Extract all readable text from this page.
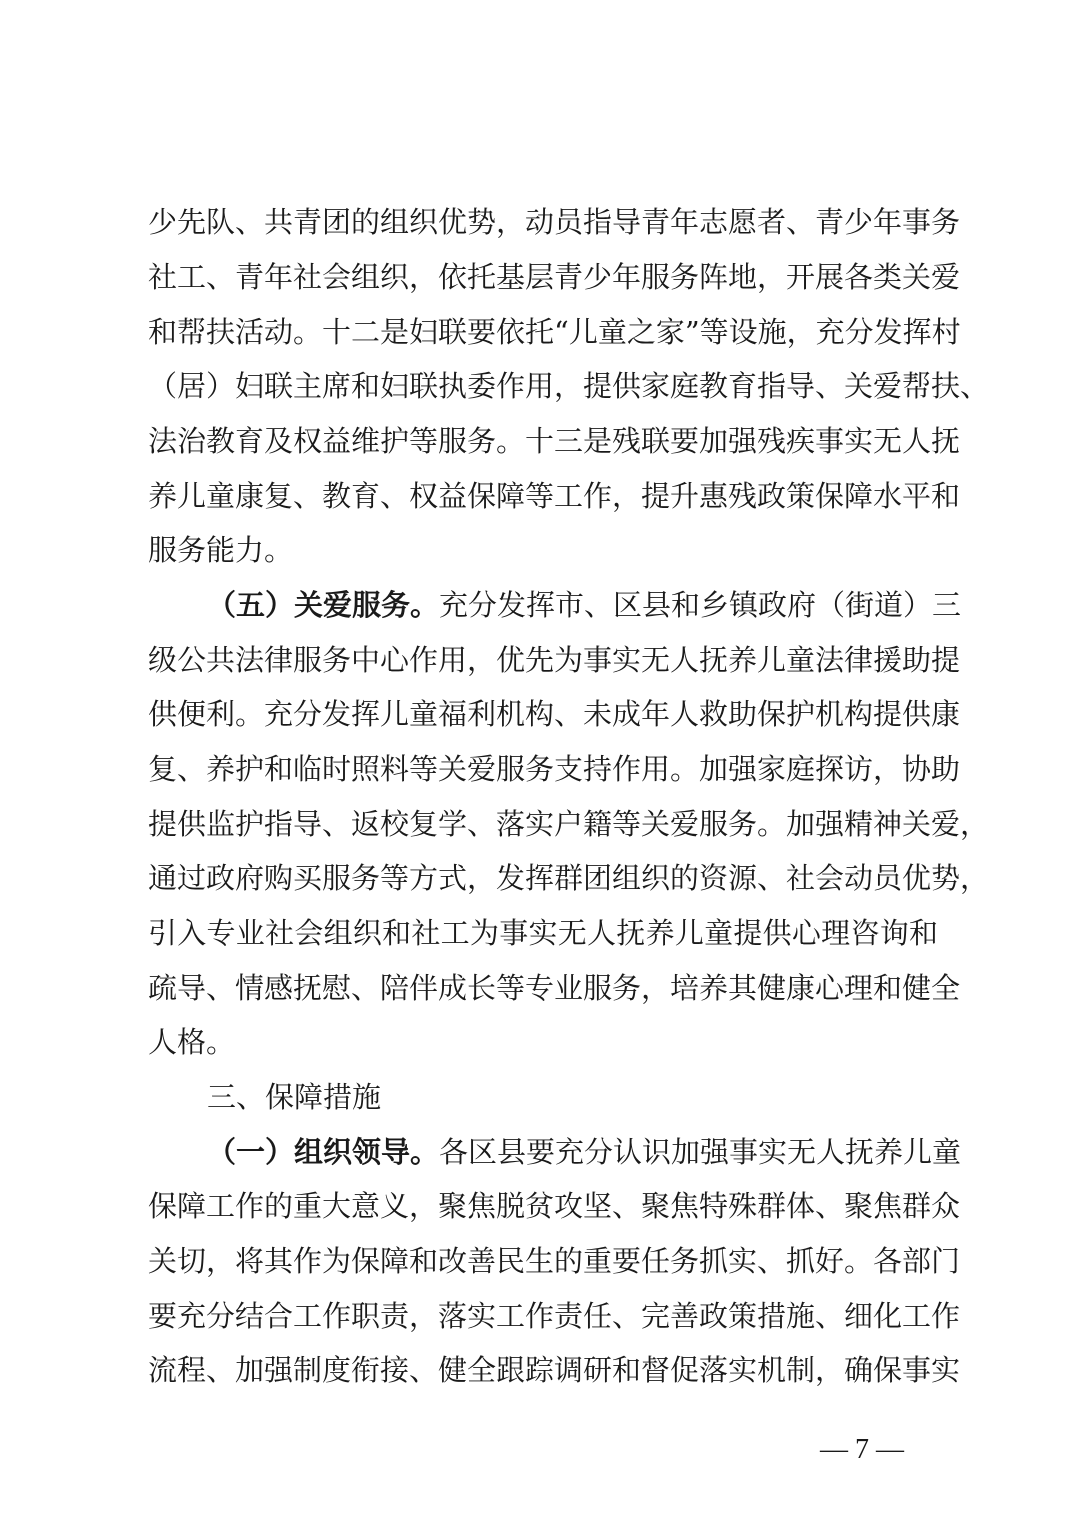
少先队、共青团的组织优势，动员指导青年志愿者、青少年事务
社工、青年社会组织，依托基层青少年服务阵地，开展各类关爱
和帮扶活动。十二是妇联要依托“儿童之家”等设施，充分发挥村
（居）妇联主席和妇联执委作用，提供家庭教育指导、关爱帮扶、
法治教育及权益维护等服务。十三是残联要加强残疾事实无人抚
养儿童康复、教育、权益保障等工作，提升惠残政策保障水平和
服务能力。
（五）关爱服务。充分发挥市、区县和乡镇政府（街道）三
级公共法律服务中心作用，优先为事实无人抚养儿童法律援助提
供便利。充分发挥儿童福利机构、未成年人救助保护机构提供康
复、养护和临时照料等关爱服务支持作用。加强家庭探访，协助
提供监护指导、返校复学、落实户籍等关爱服务。加强精神关爱，
通过政府购买服务等方式，发挥群团组织的资源、社会动员优势，
引入专业社会组织和社工为事实无人抚养儿童提供心理咨询和
疏导、情感抚慰、陪伴成长等专业服务，培养其健康心理和健全
人格。
三、保障措施
（一）组织领导。各区县要充分认识加强事实无人抚养儿童
保障工作的重大意义，聚焦脱贫攻坚、聚焦特殊群体、聚焦群众
关切，将其作为保障和改善民生的重要任务抓实、抓好。各部门
要充分结合工作职责，落实工作责任、完善政策措施、细化工作
流程、加强制度衔接、健全跟踪调研和督促落实机制，确保事实
— 7 —
